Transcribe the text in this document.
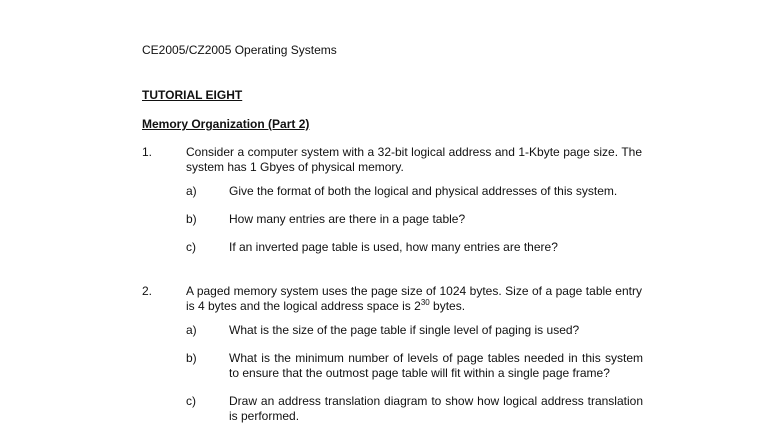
CE2005/CZ2005 Operating Systems
TUTORIAL EIGHT
Memory Organization (Part 2)
1.	Consider a computer system with a 32-bit logical address and 1-Kbyte page size. The system has 1 Gbyes of physical memory.
a)	Give the format of both the logical and physical addresses of this system.
b)	How many entries are there in a page table?
c)	If an inverted page table is used, how many entries are there?
2.	A paged memory system uses the page size of 1024 bytes. Size of a page table entry is 4 bytes and the logical address space is $2^{30}$ bytes.
a)	What is the size of the page table if single level of paging is used?
b)	What is the minimum number of levels of page tables needed in this system to ensure that the outmost page table will fit within a single page frame?
c)	Draw an address translation diagram to show how logical address translation is performed.
